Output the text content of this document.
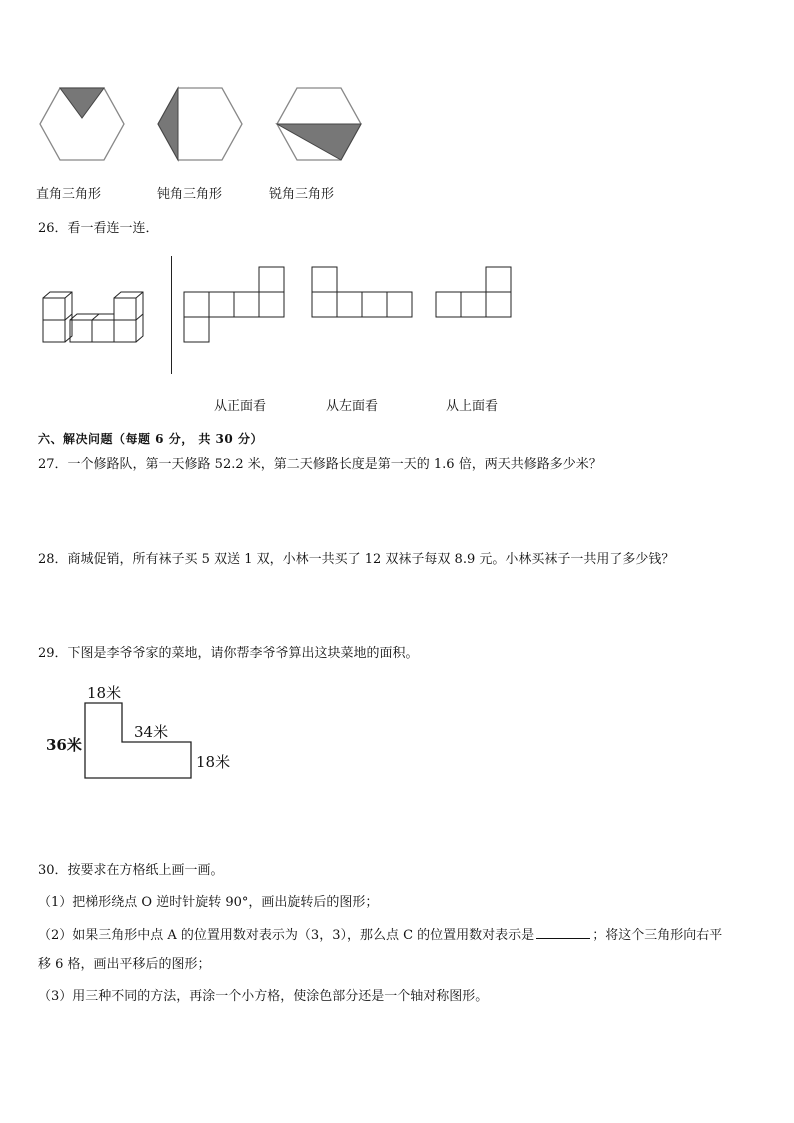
直角三角形	钝角三角形	锐角三角形
26．看一看连一连．
从正面看	从左面看	从上面看
六、解决问题（每题 6 分， 共 30 分）
27．一个修路队，第一天修路 52.2 米，第二天修路长度是第一天的 1.6 倍，两天共修路多少米？
28．商城促销，所有袜子买 5 双送 1 双，小林一共买了 12 双袜子每双 8.9 元。小林买袜子一共用了多少钱？
29．下图是李爷爷家的菜地，请你帮李爷爷算出这块菜地的面积。
18米
36米
34米
18米
30．按要求在方格纸上画一画。
（1）把梯形绕点 O 逆时针旋转 90°，画出旋转后的图形；
（2）如果三角形中点 A 的位置用数对表示为（3，3），那么点 C 的位置用数对表示是	；将这个三角形向右平
移 6 格，画出平移后的图形；
（3）用三种不同的方法，再涂一个小方格，使涂色部分还是一个轴对称图形。
